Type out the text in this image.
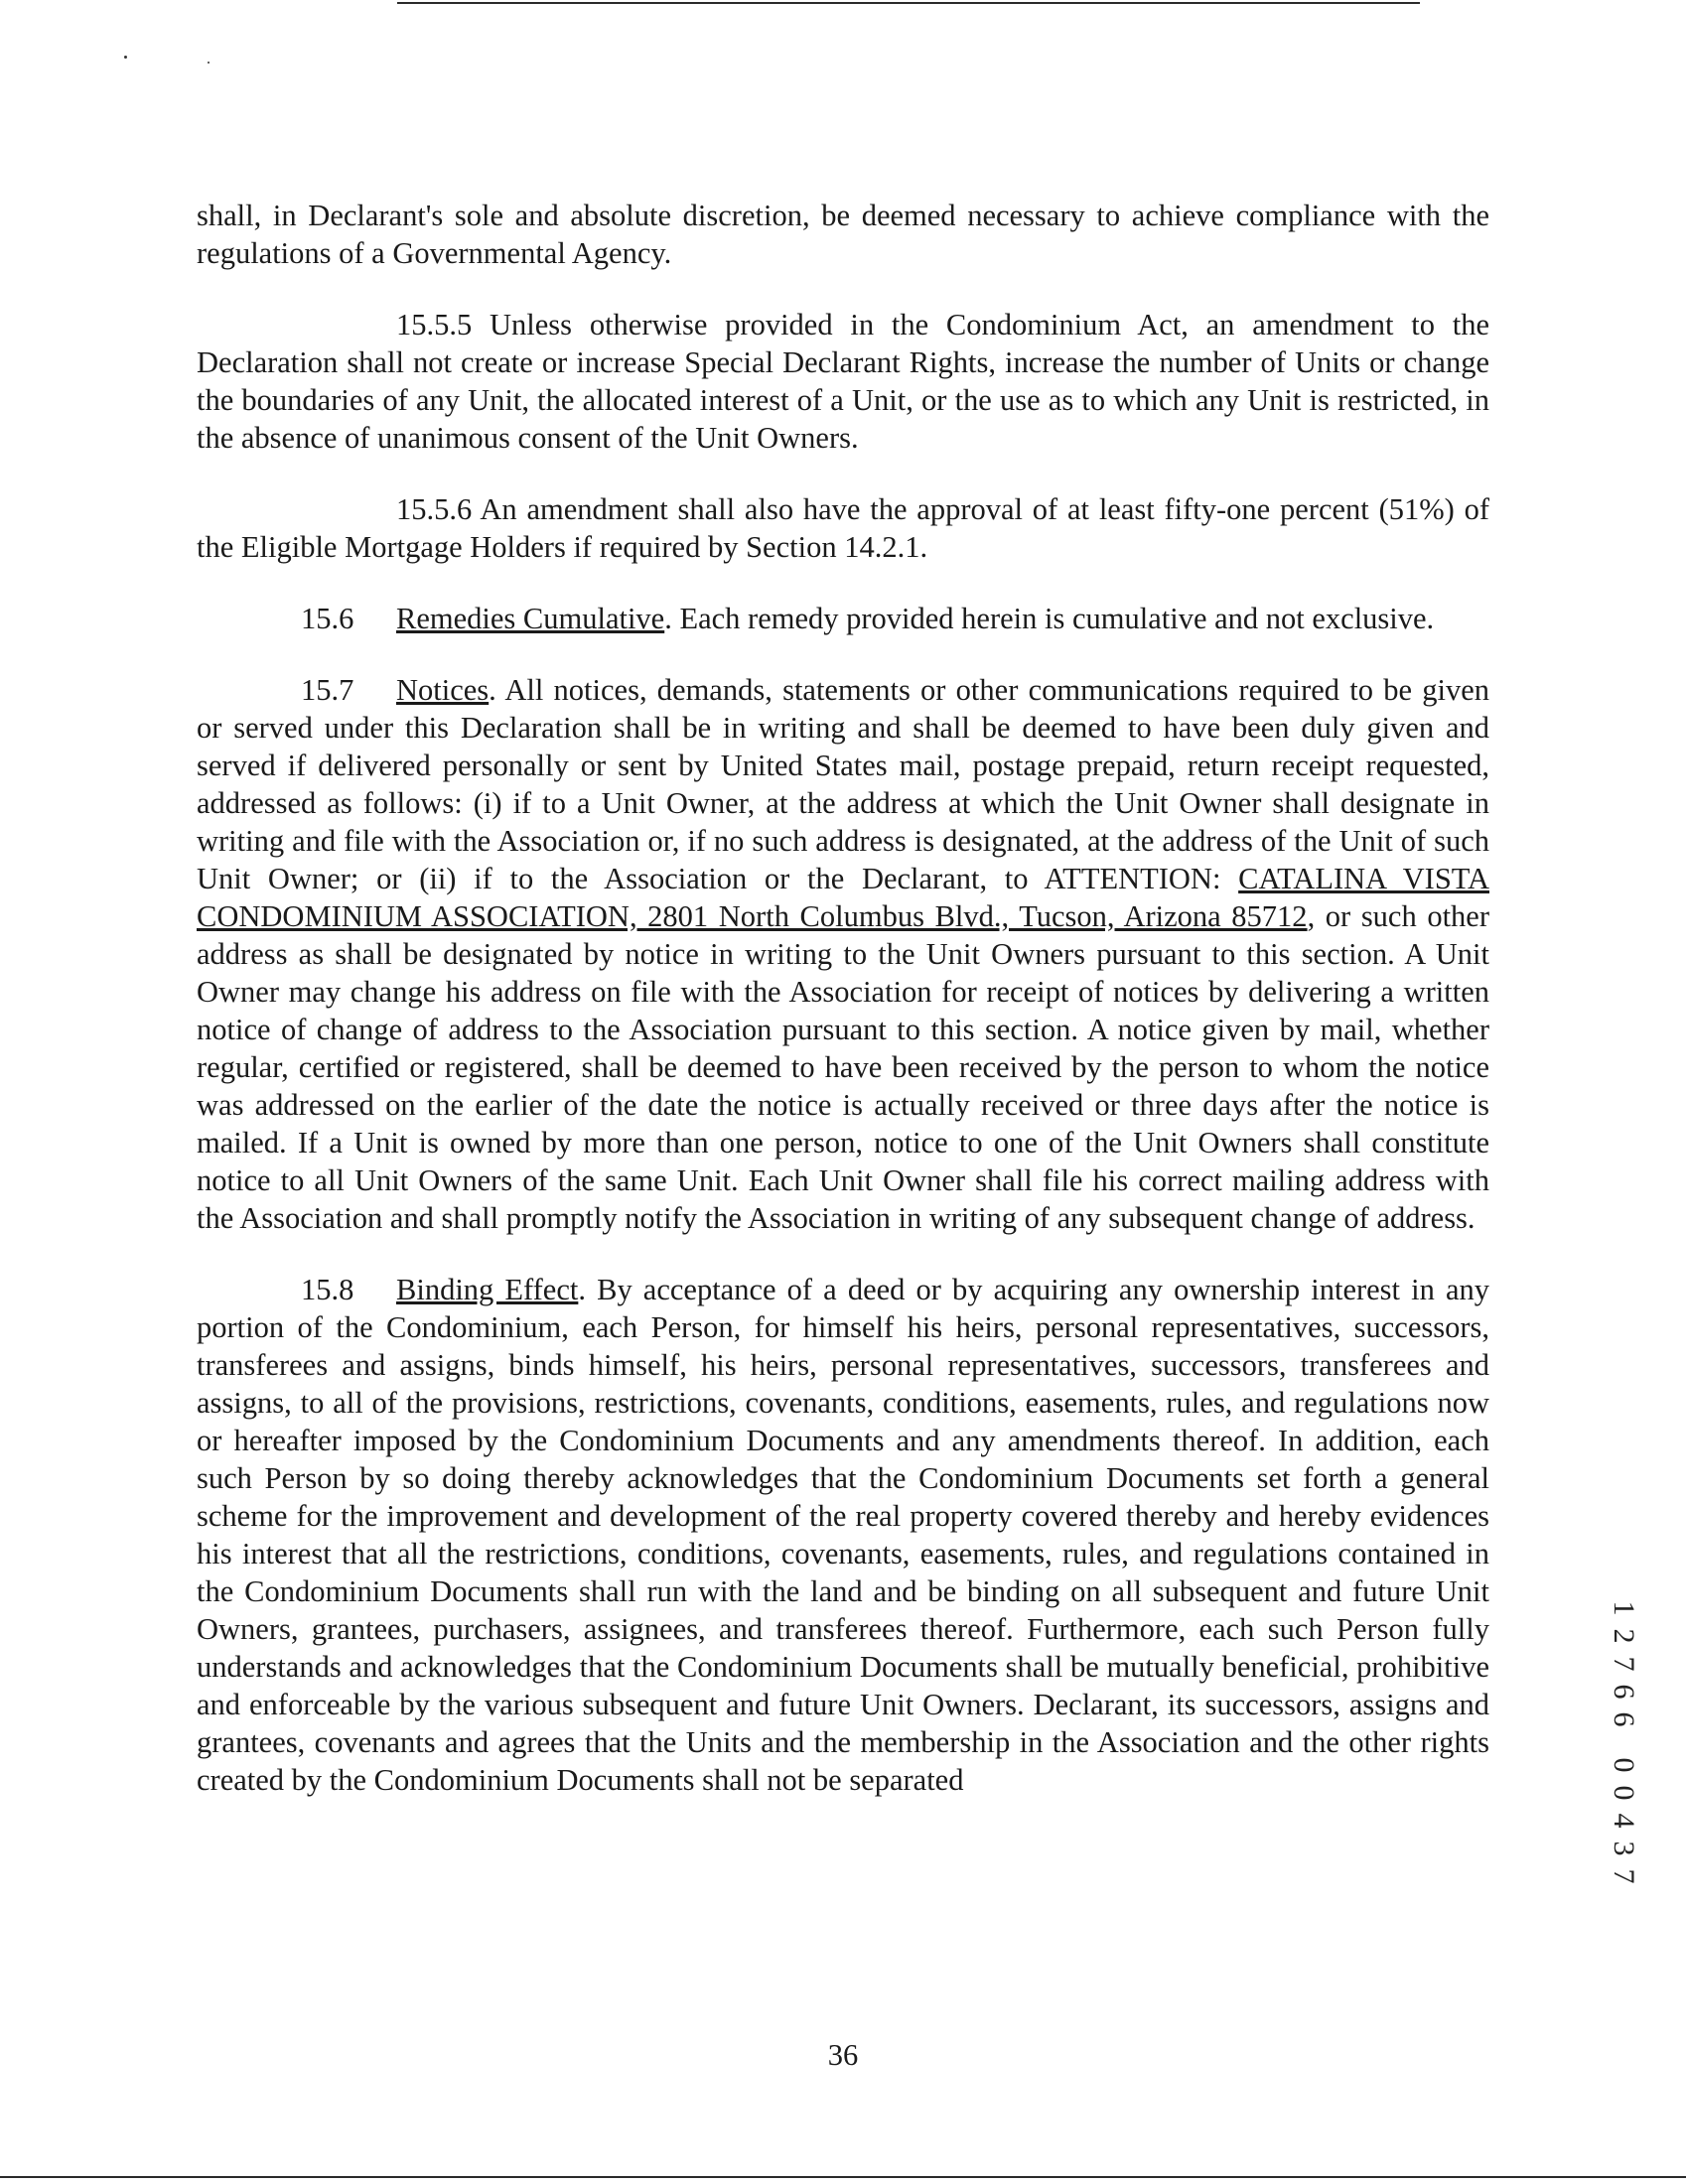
shall, in Declarant's sole and absolute discretion, be deemed necessary to achieve compliance with the regulations of a Governmental Agency.

15.5.5 Unless otherwise provided in the Condominium Act, an amendment to the Declaration shall not create or increase Special Declarant Rights, increase the number of Units or change the boundaries of any Unit, the allocated interest of a Unit, or the use as to which any Unit is restricted, in the absence of unanimous consent of the Unit Owners.

15.5.6 An amendment shall also have the approval of at least fifty-one percent (51%) of the Eligible Mortgage Holders if required by Section 14.2.1.

15.6 Remedies Cumulative. Each remedy provided herein is cumulative and not exclusive.

15.7 Notices. All notices, demands, statements or other communications required to be given or served under this Declaration shall be in writing and shall be deemed to have been duly given and served if delivered personally or sent by United States mail, postage prepaid, return receipt requested, addressed as follows: (i) if to a Unit Owner, at the address at which the Unit Owner shall designate in writing and file with the Association or, if no such address is designated, at the address of the Unit of such Unit Owner; or (ii) if to the Association or the Declarant, to ATTENTION: CATALINA VISTA CONDOMINIUM ASSOCIATION, 2801 North Columbus Blvd., Tucson, Arizona 85712, or such other address as shall be designated by notice in writing to the Unit Owners pursuant to this section. A Unit Owner may change his address on file with the Association for receipt of notices by delivering a written notice of change of address to the Association pursuant to this section. A notice given by mail, whether regular, certified or registered, shall be deemed to have been received by the person to whom the notice was addressed on the earlier of the date the notice is actually received or three days after the notice is mailed. If a Unit is owned by more than one person, notice to one of the Unit Owners shall constitute notice to all Unit Owners of the same Unit. Each Unit Owner shall file his correct mailing address with the Association and shall promptly notify the Association in writing of any subsequent change of address.

15.8 Binding Effect. By acceptance of a deed or by acquiring any ownership interest in any portion of the Condominium, each Person, for himself his heirs, personal representatives, successors, transferees and assigns, binds himself, his heirs, personal representatives, successors, transferees and assigns, to all of the provisions, restrictions, covenants, conditions, easements, rules, and regulations now or hereafter imposed by the Condominium Documents and any amendments thereof. In addition, each such Person by so doing thereby acknowledges that the Condominium Documents set forth a general scheme for the improvement and development of the real property covered thereby and hereby evidences his interest that all the restrictions, conditions, covenants, easements, rules, and regulations contained in the Condominium Documents shall run with the land and be binding on all subsequent and future Unit Owners, grantees, purchasers, assignees, and transferees thereof. Furthermore, each such Person fully understands and acknowledges that the Condominium Documents shall be mutually beneficial, prohibitive and enforceable by the various subsequent and future Unit Owners. Declarant, its successors, assigns and grantees, covenants and agrees that the Units and the membership in the Association and the other rights created by the Condominium Documents shall not be separated

36
1
2
7
6
6
0
0
4
3
7
